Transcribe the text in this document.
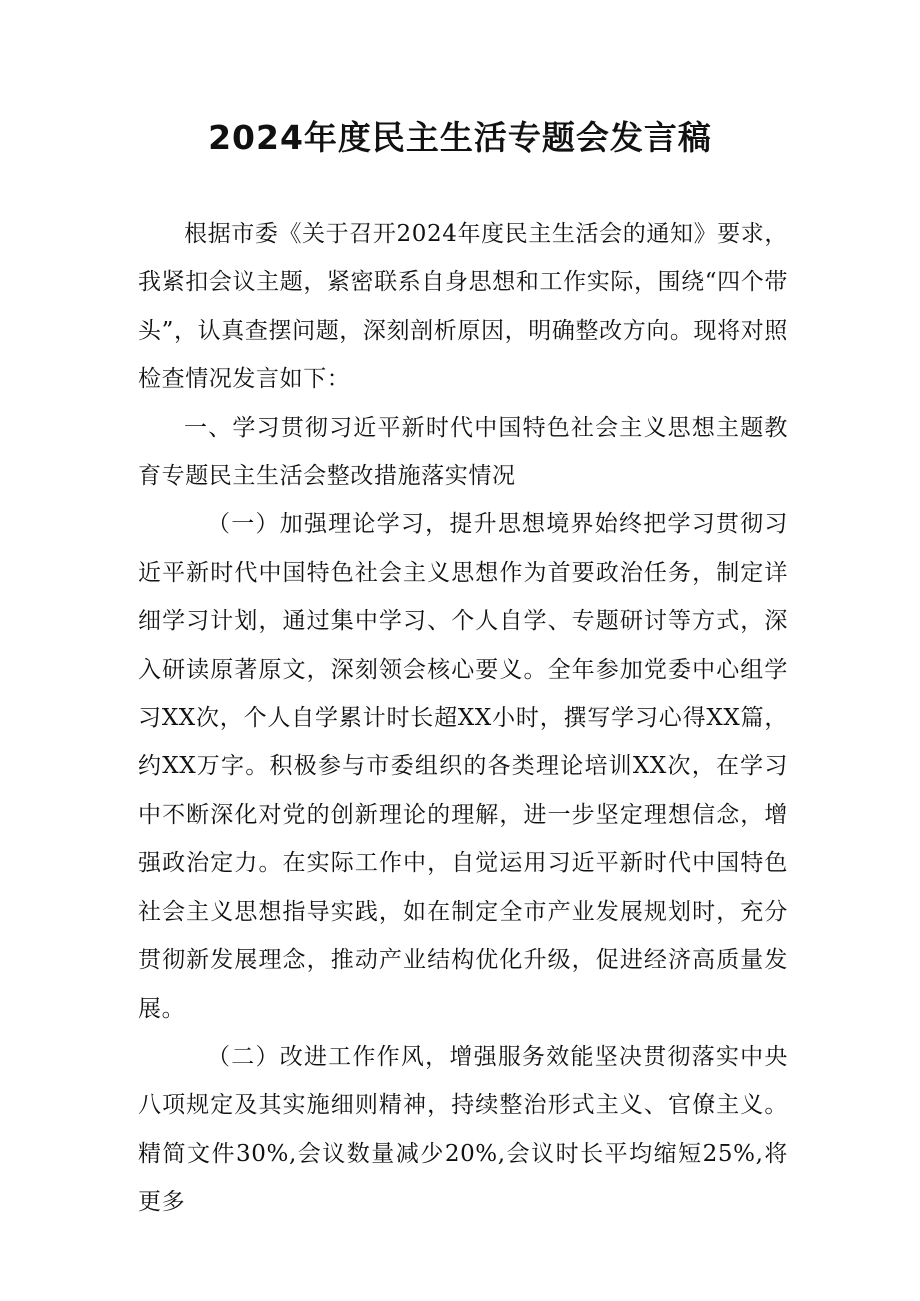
2024年度民主生活专题会发言稿

根据市委《关于召开2024年度民主生活会的通知》要求，我紧扣会议主题，紧密联系自身思想和工作实际，围绕“四个带头”，认真查摆问题，深刻剖析原因，明确整改方向。现将对照检查情况发言如下：

一、学习贯彻习近平新时代中国特色社会主义思想主题教育专题民主生活会整改措施落实情况

（一）加强理论学习，提升思想境界始终把学习贯彻习近平新时代中国特色社会主义思想作为首要政治任务，制定详细学习计划，通过集中学习、个人自学、专题研讨等方式，深入研读原著原文，深刻领会核心要义。全年参加党委中心组学习XX次，个人自学累计时长超XX小时，撰写学习心得XX篇，约XX万字。积极参与市委组织的各类理论培训XX次，在学习中不断深化对党的创新理论的理解，进一步坚定理想信念，增强政治定力。在实际工作中，自觉运用习近平新时代中国特色社会主义思想指导实践，如在制定全市产业发展规划时，充分贯彻新发展理念，推动产业结构优化升级，促进经济高质量发展。

（二）改进工作作风，增强服务效能坚决贯彻落实中央八项规定及其实施细则精神，持续整治形式主义、官僚主义。精简文件30%,会议数量减少20%,会议时长平均缩短25%,将更多
